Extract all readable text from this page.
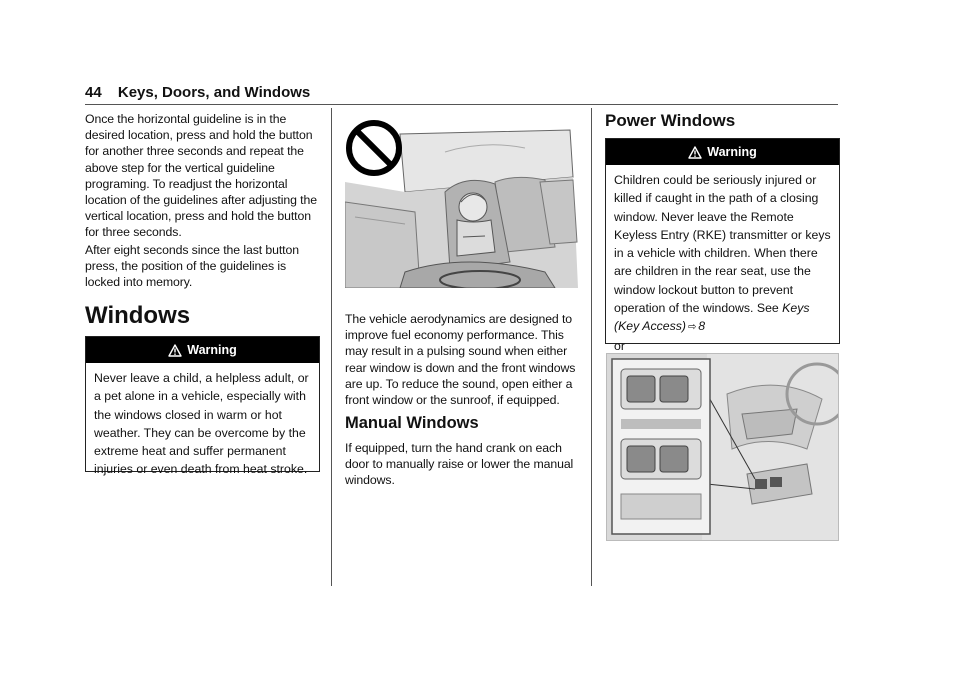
44 Keys, Doors, and Windows

Once the horizontal guideline is in the desired location, press and hold the button for another three seconds and repeat the above step for the vertical guideline programing. To readjust the horizontal location of the guidelines after adjusting the vertical location, press and hold the button for three seconds.

After eight seconds since the last button press, the position of the guidelines is locked into memory.

Windows
Warning
Never leave a child, a helpless adult, or a pet alone in a vehicle, especially with the windows closed in warm or hot weather. They can be overcome by the extreme heat and suffer permanent injuries or even death from heat stroke.

The vehicle aerodynamics are designed to improve fuel economy performance. This may result in a pulsing sound when either rear window is down and the front windows are up. To reduce the sound, open either a front window or the sunroof, if equipped.

Manual Windows

If equipped, turn the hand crank on each door to manually raise or lower the manual windows.

Power Windows
Warning
Children could be seriously injured or killed if caught in the path of a closing window. Never leave the Remote Keyless Entry (RKE) transmitter or keys in a vehicle with children. When there are children in the rear seat, use the window lockout button to prevent operation of the windows. See Keys (Key Access) ⇨ 8
or
